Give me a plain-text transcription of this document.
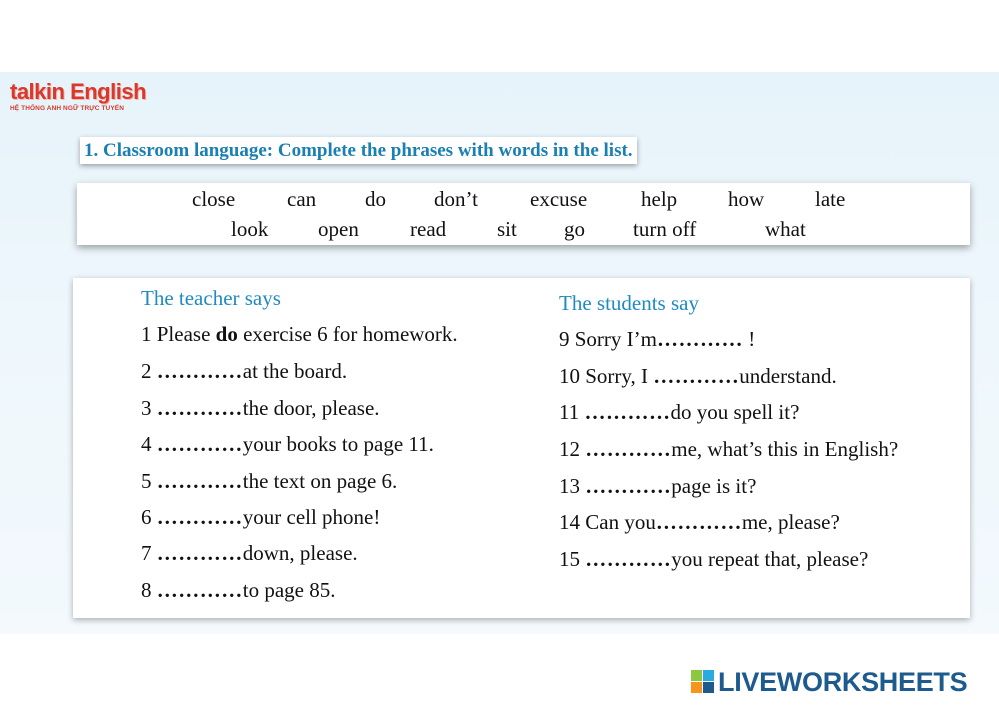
talkin English
HỆ THỐNG ANH NGỮ TRỰC TUYẾN
1. Classroom language: Complete the phrases with words in the list.
close can do don’t excuse	help how late
look open read sit go turn off	what
The teacher says
1 Please do exercise 6 for homework.
2 …………at the board.
3 …………the door, please.
4 …………your books to page 11.
5 …………the text on page 6.
6 …………your cell phone!
7 …………down, please.
8 …………to page 85.
The students say
9 Sorry I’m………… !
10 Sorry, I …………understand.
11 …………do you spell it?
12 …………me, what’s this in English?
13 …………page is it?
14 Can you…………me, please?
15 …………you repeat that, please?
LIVEWORKSHEETS
